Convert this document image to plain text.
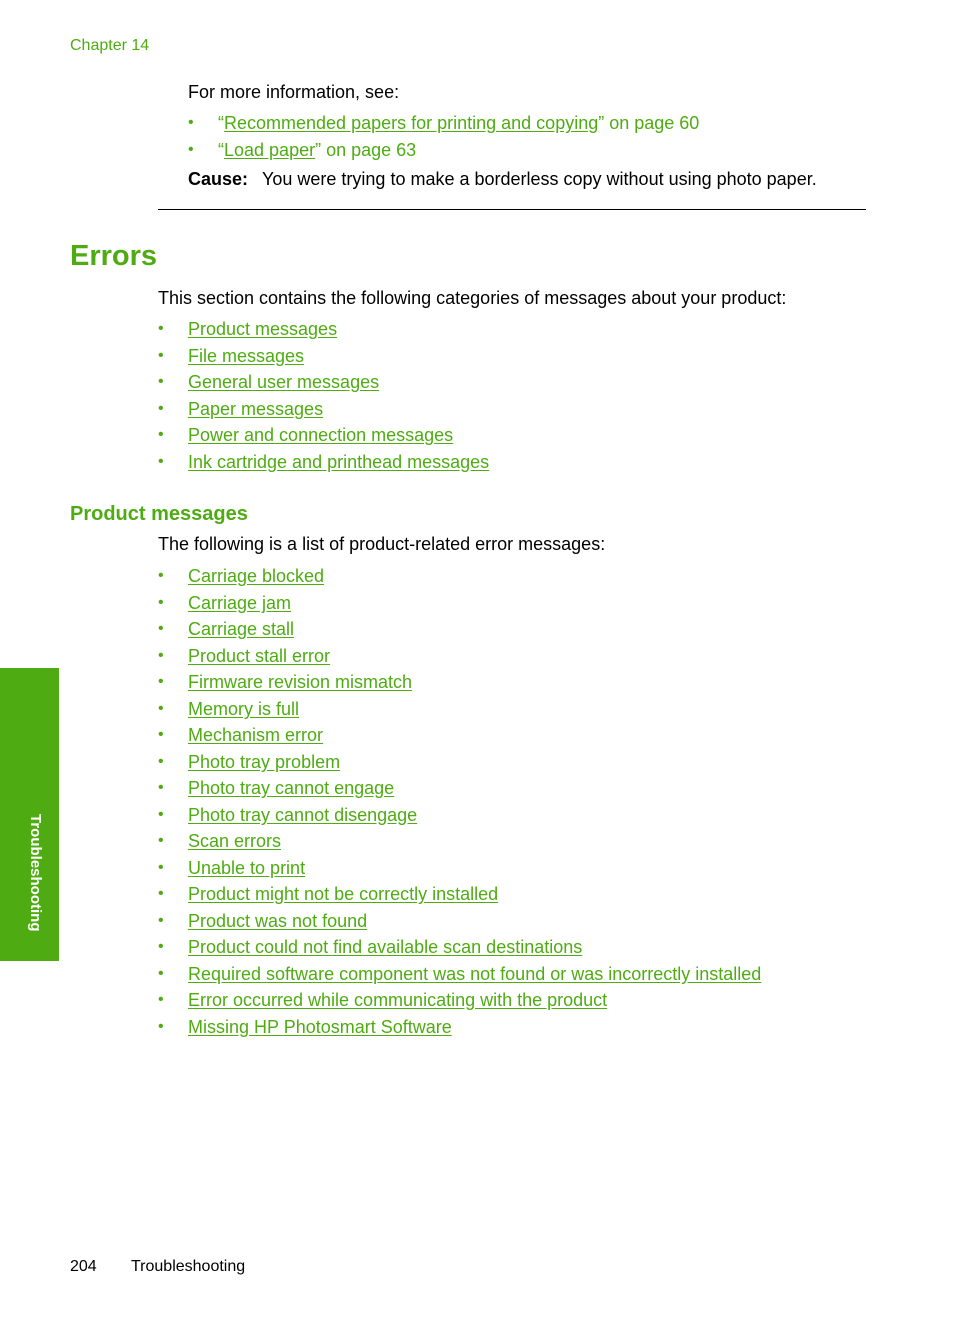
Chapter 14
For more information, see:
• “Recommended papers for printing and copying” on page 60
• “Load paper” on page 63
Cause: You were trying to make a borderless copy without using photo paper.
Errors
This section contains the following categories of messages about your product:
• Product messages
• File messages
• General user messages
• Paper messages
• Power and connection messages
• Ink cartridge and printhead messages
Product messages
The following is a list of product-related error messages:
• Carriage blocked
• Carriage jam
• Carriage stall
• Product stall error
• Firmware revision mismatch
• Memory is full
• Mechanism error
• Photo tray problem
• Photo tray cannot engage
• Photo tray cannot disengage
• Scan errors
• Unable to print
• Product might not be correctly installed
• Product was not found
• Product could not find available scan destinations
• Required software component was not found or was incorrectly installed
• Error occurred while communicating with the product
• Missing HP Photosmart Software
Troubleshooting
204 Troubleshooting
